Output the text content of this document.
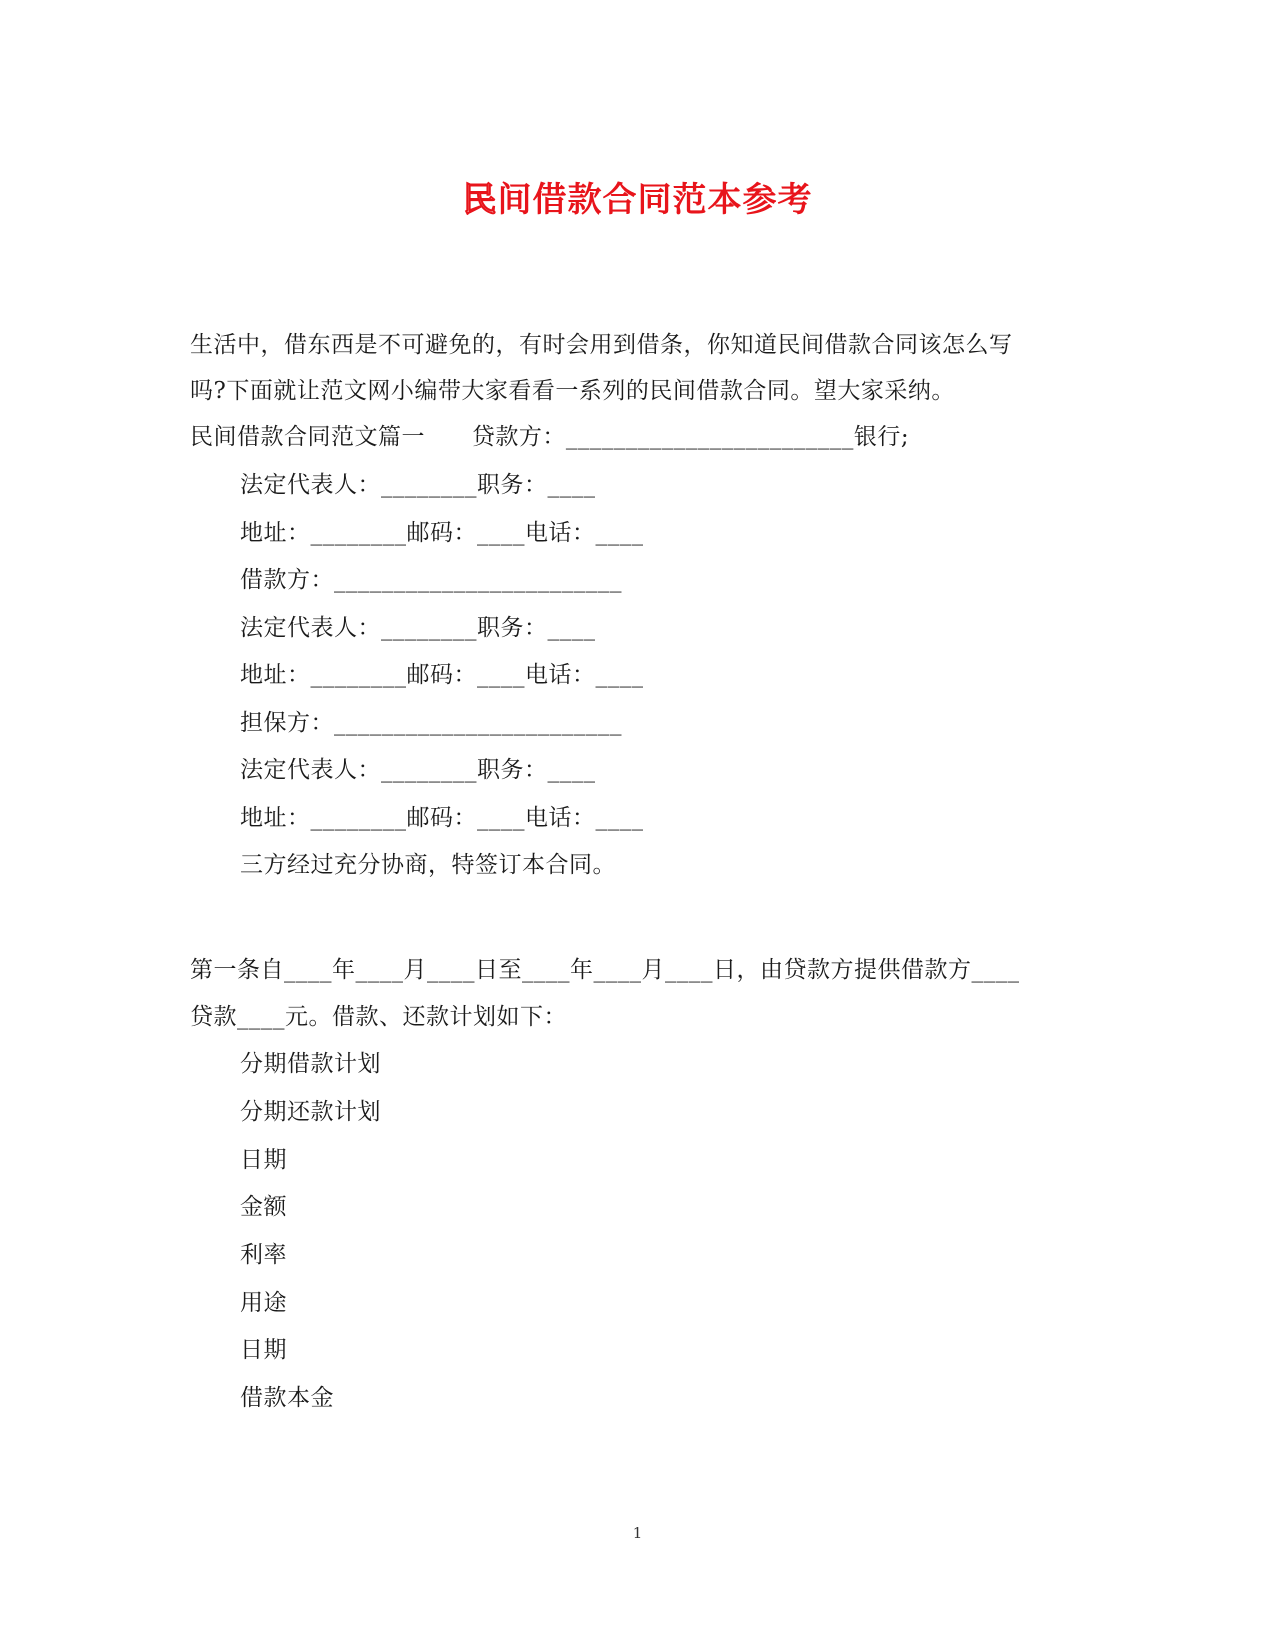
民间借款合同范本参考
生活中，借东西是不可避免的，有时会用到借条，你知道民间借款合同该怎么写
吗?下面就让范文网小编带大家看看一系列的民间借款合同。望大家采纳。
民间借款合同范文篇一      贷款方：________________________银行;
法定代表人：________职务：____
地址：________邮码：____电话：____
借款方：________________________
法定代表人：________职务：____
地址：________邮码：____电话：____
担保方：________________________
法定代表人：________职务：____
地址：________邮码：____电话：____
三方经过充分协商，特签订本合同。
第一条自____年____月____日至____年____月____日，由贷款方提供借款方____
贷款____元。借款、还款计划如下：
分期借款计划
分期还款计划
日期
金额
利率
用途
日期
借款本金
1
